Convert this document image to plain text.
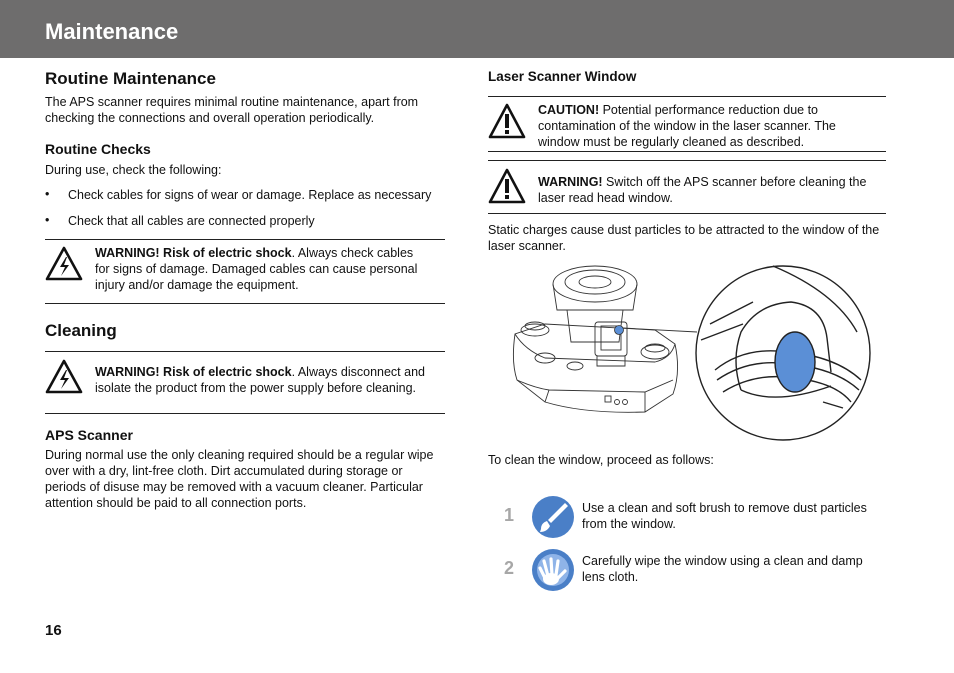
Maintenance
Routine Maintenance
The APS scanner requires minimal routine maintenance, apart from checking the connections and overall operation periodically.
Routine Checks
During use, check the following:
• Check cables for signs of wear or damage. Replace as necessary
• Check that all cables are connected properly
WARNING! Risk of electric shock. Always check cables
for signs of damage. Damaged cables can cause personal
injury and/or damage the equipment.
Cleaning
WARNING! Risk of electric shock. Always disconnect and
isolate the product from the power supply before cleaning.
APS Scanner
During normal use the only cleaning required should be a regular wipe over with a dry, lint-free cloth. Dirt accumulated during storage or periods of disuse may be removed with a vacuum cleaner. Particular attention should be paid to all connection ports.
16
Laser Scanner Window
CAUTION! Potential performance reduction due to
contamination of the window in the laser scanner. The
window must be regularly cleaned as described.
WARNING! Switch off the APS scanner before cleaning the
laser read head window.
Static charges cause dust particles to be attracted to the window of the laser scanner.
To clean the window, proceed as follows:
1	Use a clean and soft brush to remove dust particles from the window.
2	Carefully wipe the window using a clean and damp lens cloth.
